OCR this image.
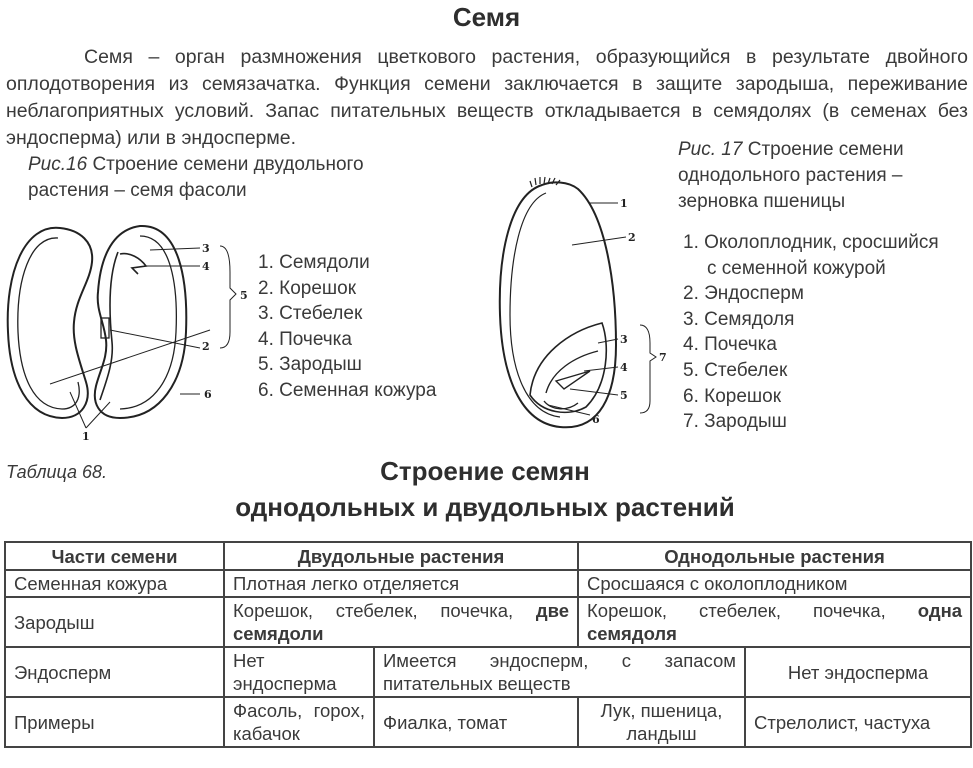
Семя

Семя – орган размножения цветкового растения, образующийся в результате двойного оплодотворения из семязачатка. Функция семени заключается в защите зародыша, переживание неблагоприятных условий. Запас питательных веществ откладывается в семядолях (в семенах без эндосперма) или в эндосперме.

Рис.16 Строение семени двудольного
растения – семя фасоли
3
4
5
2
6
1
1. Семядоли
2. Корешок
3. Стебелек
4. Почечка
5. Зародыш
6. Семенная кожура
1
2
3
4
5
6
7
Рис. 17 Строение семени
однодольного растения –
зерновка пшеницы
1. Околоплодник, сросшийся
с семенной кожурой
2. Эндосперм
3. Семядоля
4. Почечка
5. Стебелек
6. Корешок
7. Зародыш
Таблица 68.	Строение семян
однодольных и двудольных растений
Части семени	Двудольные растения		Однодольные растения	
Семенная кожура	Плотная легко отделяется		Сросшаяся с околоплодником	
Зародыш	Корешок, стебелек, почечка, две семядоли		Корешок, стебелек, почечка, одна семядоля	
Эндосперм	Нет эндосперма	Имеется эндосперм, с запасом питательных веществ		Нет эндосперма
Примеры	Фасоль, горох, кабачок	Фиалка, томат	Лук, пшеница, ландыш	Стрелолист, частуха
